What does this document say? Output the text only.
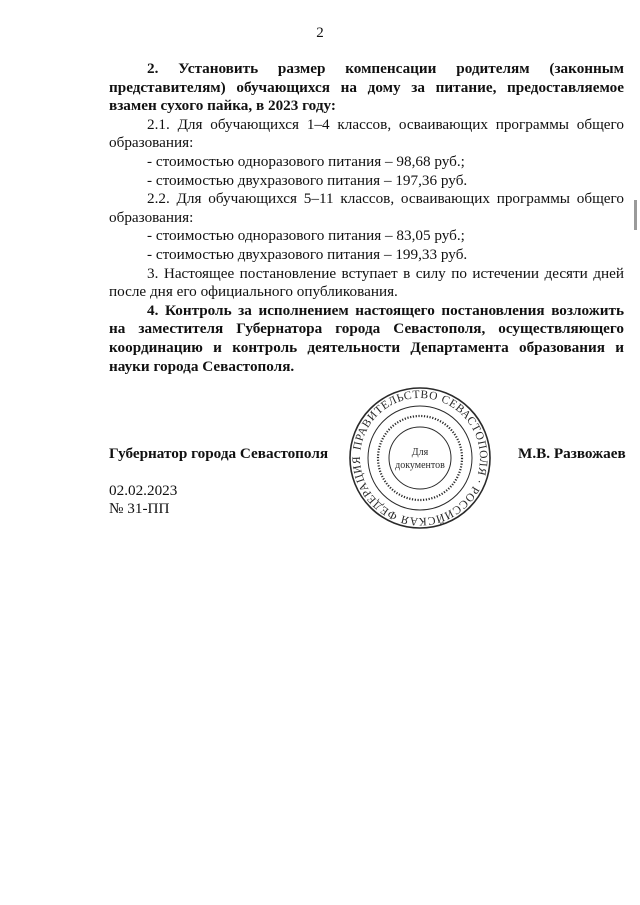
2

2. Установить размер компенсации родителям (законным представителям) обучающихся на дому за питание, предоставляемое взамен сухого пайка, в 2023 году:

2.1. Для обучающихся 1–4 классов, осваивающих программы общего образования:

- стоимостью одноразового питания – 98,68 руб.;

- стоимостью двухразового питания – 197,36 руб.

2.2. Для обучающихся 5–11 классов, осваивающих программы общего образования:

- стоимостью одноразового питания – 83,05 руб.;

- стоимостью двухразового питания – 199,33 руб.

3. Настоящее постановление вступает в силу по истечении десяти дней после дня его официального опубликования.

4. Контроль за исполнением настоящего постановления возложить на заместителя Губернатора города Севастополя, осуществляющего координацию и контроль деятельности Департамента образования и науки города Севастополя.

ПРАВИТЕЛЬСТВО СЕВАСТОПОЛЯ · РОССИЙСКАЯ ФЕДЕРАЦИЯ
Для
документов
Губернатор города Севастополя	М.В. Развожаев
02.02.2023
№ 31-ПП
